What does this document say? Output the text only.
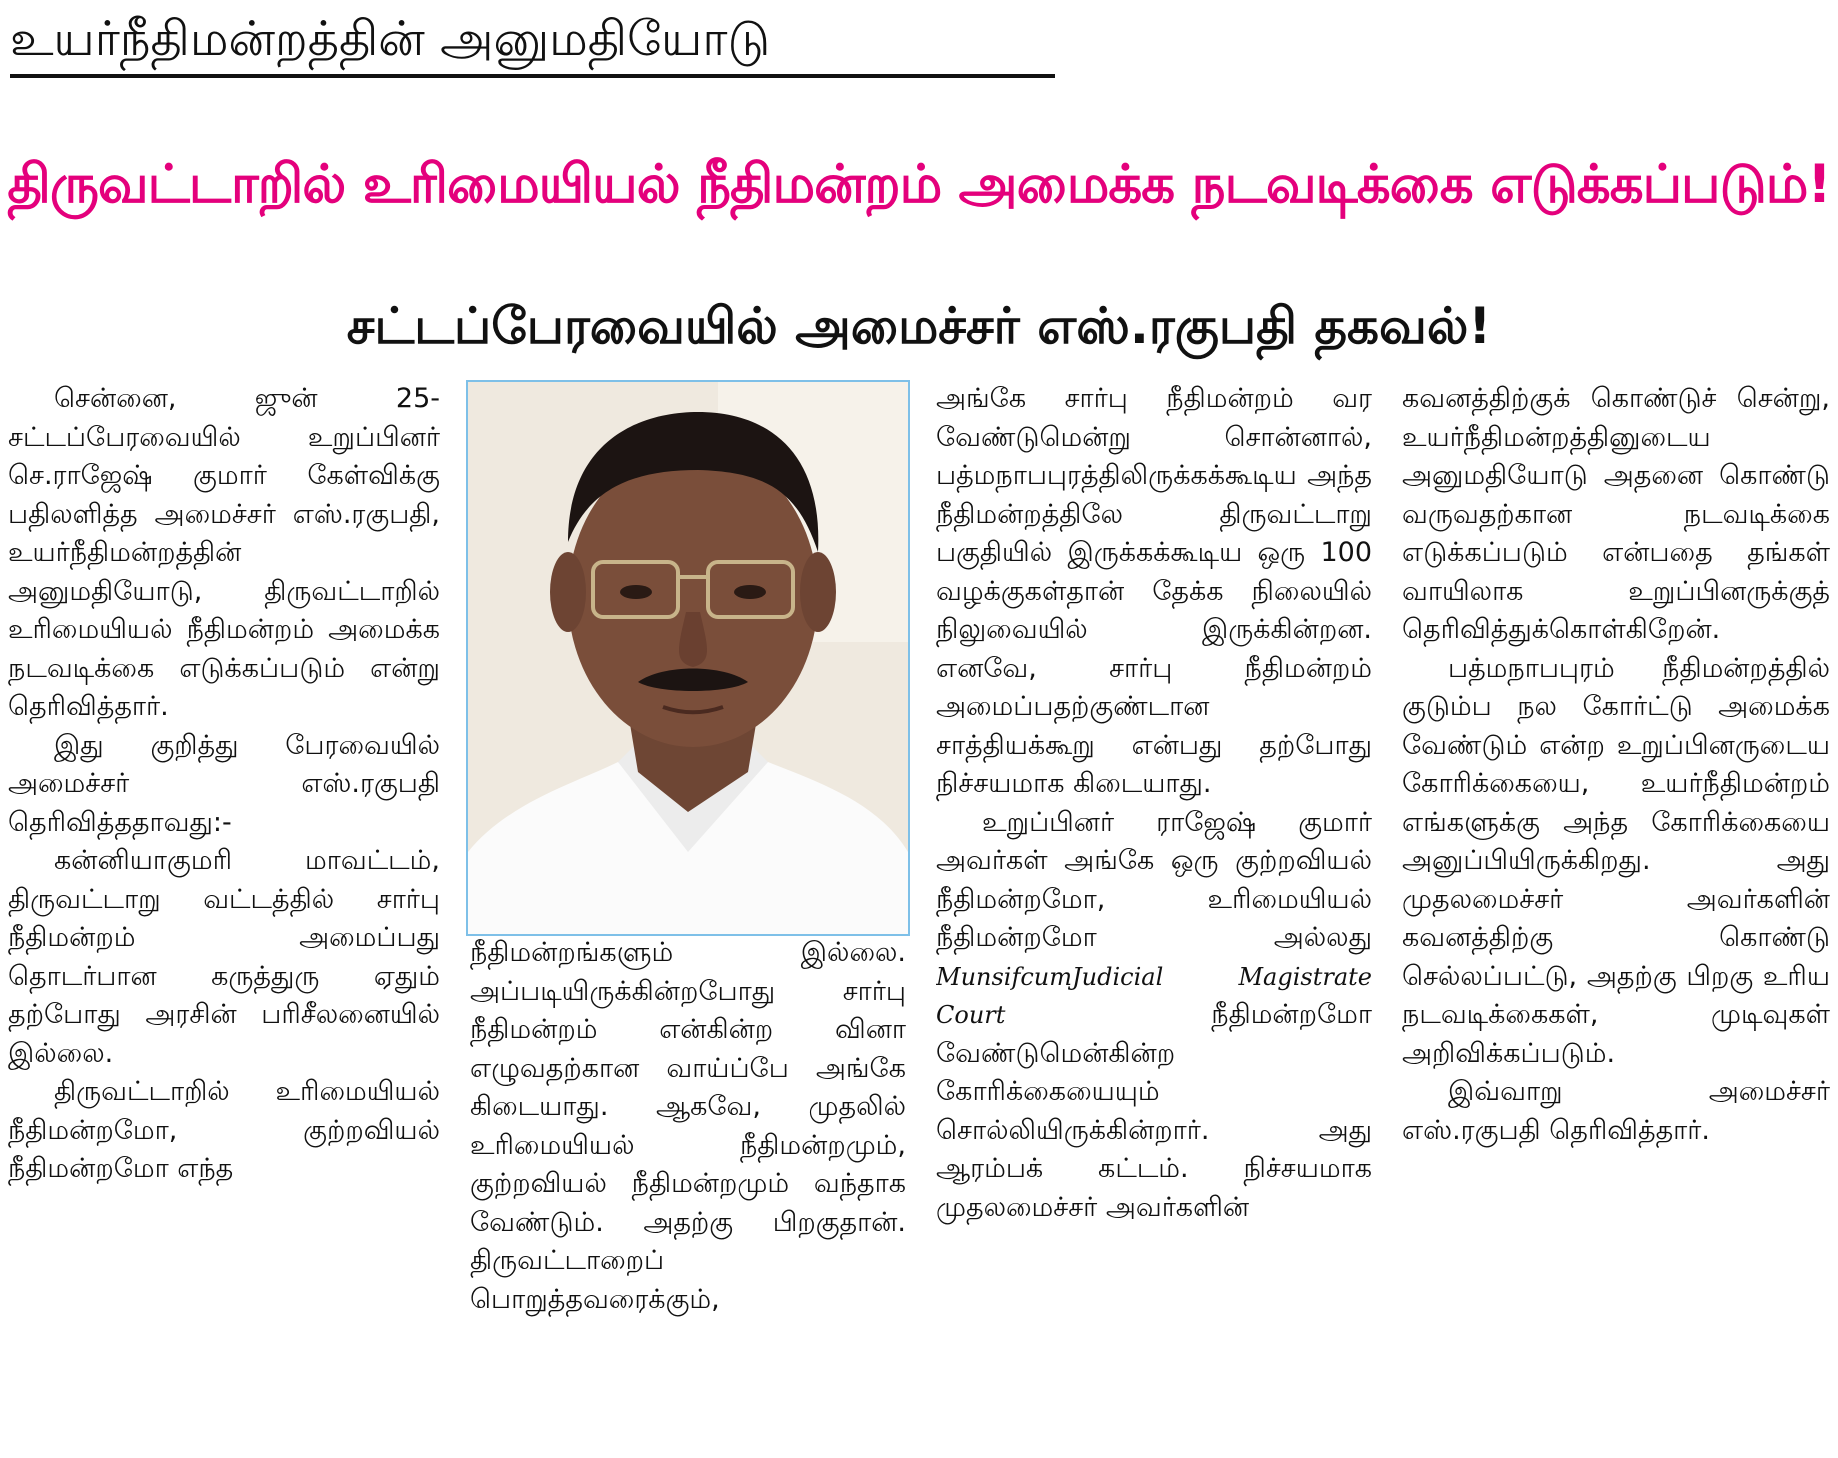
உயர்நீதிமன்றத்தின் அனுமதியோடு
திருவட்டாறில் உரிமையியல் நீதிமன்றம் அமைக்க நடவடிக்கை எடுக்கப்படும்!
சட்டப்பேரவையில் அமைச்சர் எஸ்.ரகுபதி தகவல்!

சென்னை, ஜுன் 25- சட்டப்பேரவையில் உறுப்பினர் செ.ராஜேஷ் குமார் கேள்விக்கு பதிலளித்த அமைச்சர் எஸ்.ரகுபதி, உயர்நீதிமன்றத்தின் அனுமதியோடு, திருவட்டாறில் உரிமையியல் நீதிமன்றம் அமைக்க நடவடிக்கை எடுக்கப்படும் என்று தெரிவித்தார்.

இது குறித்து பேரவையில் அமைச்சர் எஸ்.ரகுபதி தெரிவித்ததாவது:-

கன்னியாகுமரி மாவட்டம், திருவட்டாறு வட்டத்தில் சார்பு நீதிமன்றம் அமைப்பது தொடர்பான கருத்துரு ஏதும் தற்போது அரசின் பரிசீலனையில் இல்லை.

திருவட்டாறில் உரிமையியல் நீதிமன்றமோ, குற்றவியல் நீதிமன்றமோ எந்த

நீதிமன்றங்களும் இல்லை. அப்படியிருக்கின்றபோது சார்பு நீதிமன்றம் என்கின்ற வினா எழுவதற்கான வாய்ப்பே அங்கே கிடையாது. ஆகவே, முதலில் உரிமையியல் நீதிமன்றமும், குற்றவியல் நீதிமன்றமும் வந்தாக வேண்டும். அதற்கு பிறகுதான். திருவட்டாறைப் பொறுத்தவரைக்கும்,

அங்கே சார்பு நீதிமன்றம் வர வேண்டுமென்று சொன்னால், பத்மநாபபுரத்திலிருக்கக்கூடிய அந்த நீதிமன்றத்திலே திருவட்டாறு பகுதியில் இருக்கக்கூடிய ஒரு 100 வழக்குகள்தான் தேக்க நிலையில் நிலுவையில் இருக்கின்றன. எனவே, சார்பு நீதிமன்றம் அமைப்பதற்குண்டான சாத்தியக்கூறு என்பது தற்போது நிச்சயமாக கிடையாது.

உறுப்பினர் ராஜேஷ் குமார் அவர்கள் அங்கே ஒரு குற்றவியல் நீதிமன்றமோ, உரிமையியல் நீதிமன்றமோ அல்லது MunsifcumJudicial Magistrate Court	நீதிமன்றமோ வேண்டுமென்கின்ற கோரிக்கையையும் சொல்லியிருக்கின்றார். அது ஆரம்பக் கட்டம். நிச்சயமாக முதலமைச்சர் அவர்களின்

கவனத்திற்குக் கொண்டுச் சென்று, உயர்நீதிமன்றத்தினுடைய அனுமதியோடு அதனை கொண்டு வருவதற்கான நடவடிக்கை எடுக்கப்படும் என்பதை தங்கள் வாயிலாக உறுப்பினருக்குத் தெரிவித்துக்கொள்கிறேன்.

பத்மநாபபுரம் நீதிமன்றத்தில் குடும்ப நல கோர்ட்டு அமைக்க வேண்டும் என்ற உறுப்பினருடைய கோரிக்கையை, உயர்நீதிமன்றம் எங்களுக்கு அந்த கோரிக்கையை அனுப்பியிருக்கிறது. அது முதலமைச்சர் அவர்களின் கவனத்திற்கு கொண்டு செல்லப்பட்டு, அதற்கு பிறகு உரிய நடவடிக்கைகள், முடிவுகள் அறிவிக்கப்படும்.

இவ்வாறு அமைச்சர் எஸ்.ரகுபதி தெரிவித்தார்.
